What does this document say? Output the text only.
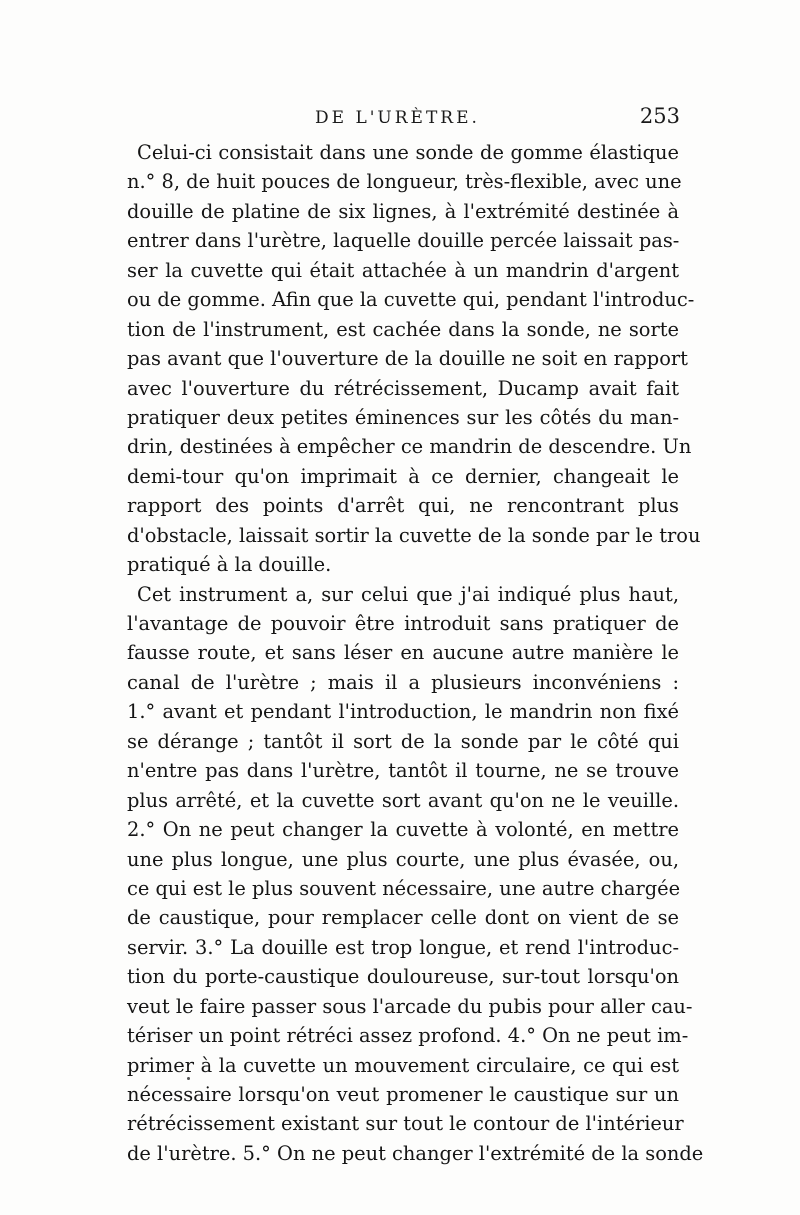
DE L'URÈTRE.	253
Celui-ci consistait dans une sonde de gomme élastique
n.° 8, de huit pouces de longueur, très-flexible, avec une
douille de platine de six lignes, à l'extrémité destinée à
entrer dans l'urètre, laquelle douille percée laissait pas-
ser la cuvette qui était attachée à un mandrin d'argent
ou de gomme. Afin que la cuvette qui, pendant l'introduc-
tion de l'instrument, est cachée dans la sonde, ne sorte
pas avant que l'ouverture de la douille ne soit en rapport
avec l'ouverture du rétrécissement, Ducamp avait fait
pratiquer deux petites éminences sur les côtés du man-
drin, destinées à empêcher ce mandrin de descendre. Un
demi-tour qu'on imprimait à ce dernier, changeait le
rapport des points d'arrêt qui, ne rencontrant plus
d'obstacle, laissait sortir la cuvette de la sonde par le trou
pratiqué à la douille.
Cet instrument a, sur celui que j'ai indiqué plus haut,
l'avantage de pouvoir être introduit sans pratiquer de
fausse route, et sans léser en aucune autre manière le
canal de l'urètre ; mais il a plusieurs inconvéniens :
1.° avant et pendant l'introduction, le mandrin non fixé
se dérange ; tantôt il sort de la sonde par le côté qui
n'entre pas dans l'urètre, tantôt il tourne, ne se trouve
plus arrêté, et la cuvette sort avant qu'on ne le veuille.
2.° On ne peut changer la cuvette à volonté, en mettre
une plus longue, une plus courte, une plus évasée, ou,
ce qui est le plus souvent nécessaire, une autre chargée
de caustique, pour remplacer celle dont on vient de se
servir. 3.° La douille est trop longue, et rend l'introduc-
tion du porte-caustique douloureuse, sur-tout lorsqu'on
veut le faire passer sous l'arcade du pubis pour aller cau-
tériser un point rétréci assez profond. 4.° On ne peut im-
primer à la cuvette un mouvement circulaire, ce qui est
nécessaire lorsqu'on veut promener le caustique sur un
rétrécissement existant sur tout le contour de l'intérieur
de l'urètre. 5.° On ne peut changer l'extrémité de la sonde
